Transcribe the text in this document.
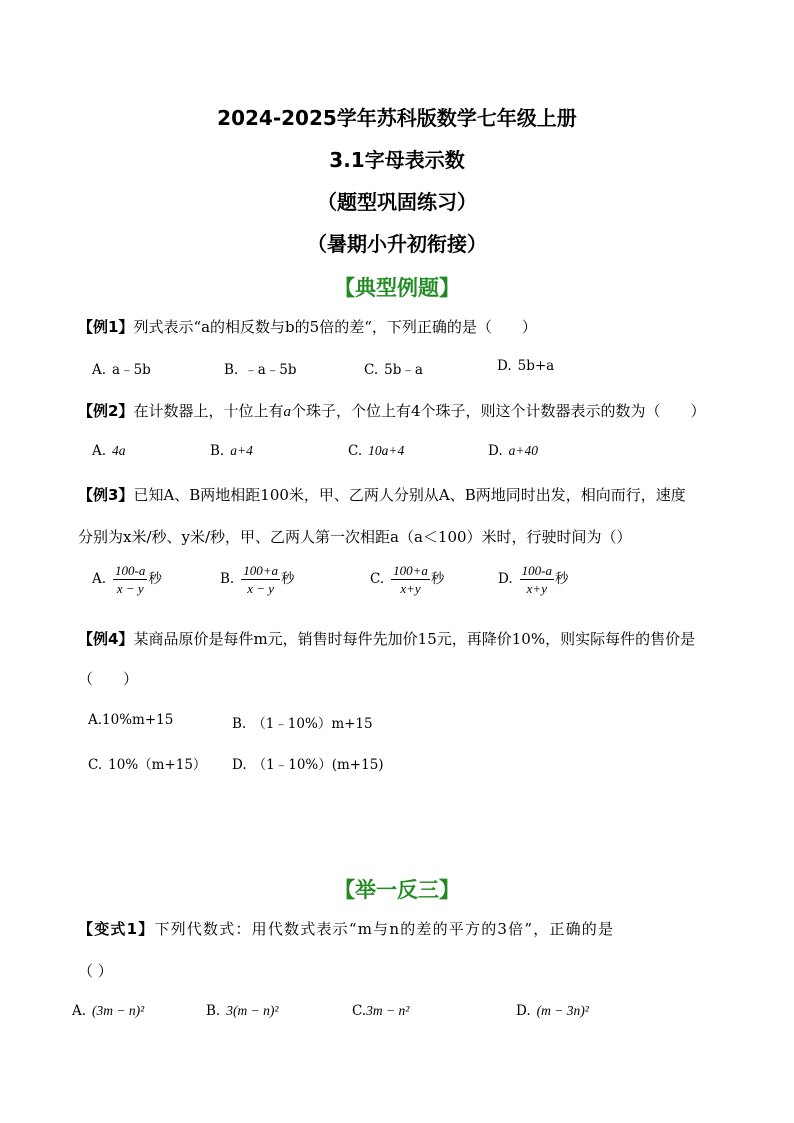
2024-2025学年苏科版数学七年级上册
3.1字母表示数
（题型巩固练习）
（暑期小升初衔接）
【典型例题】
【例1】列式表示“a的相反数与b的5倍的差“，下列正确的是（　　）
A. a﹣5b	B. ﹣a﹣5b	C. 5b﹣a	D. 5b+a
【例2】在计数器上，十位上有a个珠子，个位上有4个珠子，则这个计数器表示的数为（　　）
A. 4a	B. a+4	C. 10a+4	D. a+40
【例3】已知A、B两地相距100米，甲、乙两人分别从A、B两地同时出发，相向而行，速度
分别为x米/秒、y米/秒，甲、乙两人第一次相距a（a＜100）米时，行驶时间为（）
A. $\frac{100-a}{x - y}$ 秒	B. $\frac{100+a}{x - y}$ 秒	C. $\frac{100+a}{x+y}$ 秒	D. $\frac{100-a}{x+y}$ 秒
【例4】某商品原价是每件m元，销售时每件先加价15元，再降价10%，则实际每件的售价是
（　　）
A.10%m+15	B. （1﹣10%）m+15
C. 10%（m+15） D. （1﹣10%）(m+15)
【举一反三】
【变式1】下列代数式：用代数式表示“m与n的差的平方的3倍”，正确的是
（ ）
A. (3m − n)²	B. 3(m − n)²	C.3m − n²	D. (m − 3n)²
